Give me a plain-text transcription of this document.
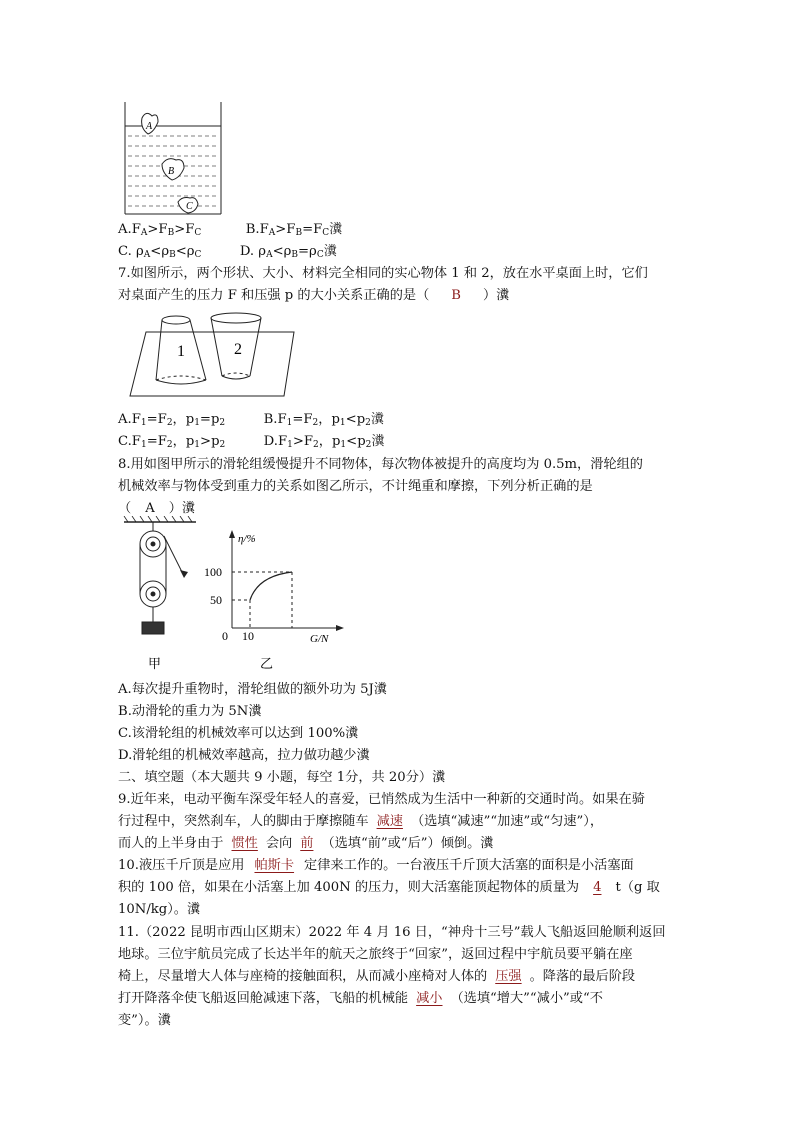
A
B
C
$A.F_A>F_B>F_C$	$B.F_A>F_B=F_C$瀵
C. $\rho_A<\rho_B<\rho_C$	D. $\rho_A<\rho_B=\rho_C$瀵
7.如图所示，两个形状、大小、材料完全相同的实心物体 1 和 2，放在水平桌面上时，它们
对桌面产生的压力 F 和压强 p 的大小关系正确的是（ B ）瀵
1	2
$A.F_1=F_2$，$p_1=p_2$	$B.F_1=F_2$，$p_1<p_2$瀵
$C.F_1=F_2$，$p_1>p_2$	$D.F_1>F_2$，$p_1<p_2$瀵
8.用如图甲所示的滑轮组缓慢提升不同物体，每次物体被提升的高度均为 0.5m，滑轮组的
机械效率与物体受到重力的关系如图乙所示，不计绳重和摩擦，下列分析正确的是
（ A ）瀵
甲
η/%
G/N
100
50
0 10
乙
A.每次提升重物时，滑轮组做的额外功为 5J瀵
B.动滑轮的重力为 5N瀵
C.该滑轮组的机械效率可以达到 100%瀵
D.滑轮组的机械效率越高，拉力做功越少瀵
二、填空题（本大题共 9 小题，每空 1分，共 20分）瀵
9.近年来，电动平衡车深受年轻人的喜爱，已悄然成为生活中一种新的交通时尚。如果在骑
行过程中，突然刹车，人的脚由于摩擦随车 减速 （选填“减速”“加速”或“匀速”），
而人的上半身由于 惯性 会向 前 （选填“前”或“后”）倾倒。瀵
10.液压千斤顶是应用 帕斯卡 定律来工作的。一台液压千斤顶大活塞的面积是小活塞面
积的 100 倍，如果在小活塞上加 400N 的压力，则大活塞能顶起物体的质量为 4 t（g 取
10N/kg）。瀵
11.（2022 昆明市西山区期末）2022 年 4 月 16 日，“神舟十三号”载人飞船返回舱顺利返回
地球。三位宇航员完成了长达半年的航天之旅终于“回家”，返回过程中宇航员要平躺在座
椅上，尽量增大人体与座椅的接触面积，从而减小座椅对人体的 压强 。降落的最后阶段
打开降落伞使飞船返回舱减速下落，飞船的机械能 减小 （选填“增大”“减小”或“不
变”）。瀵
